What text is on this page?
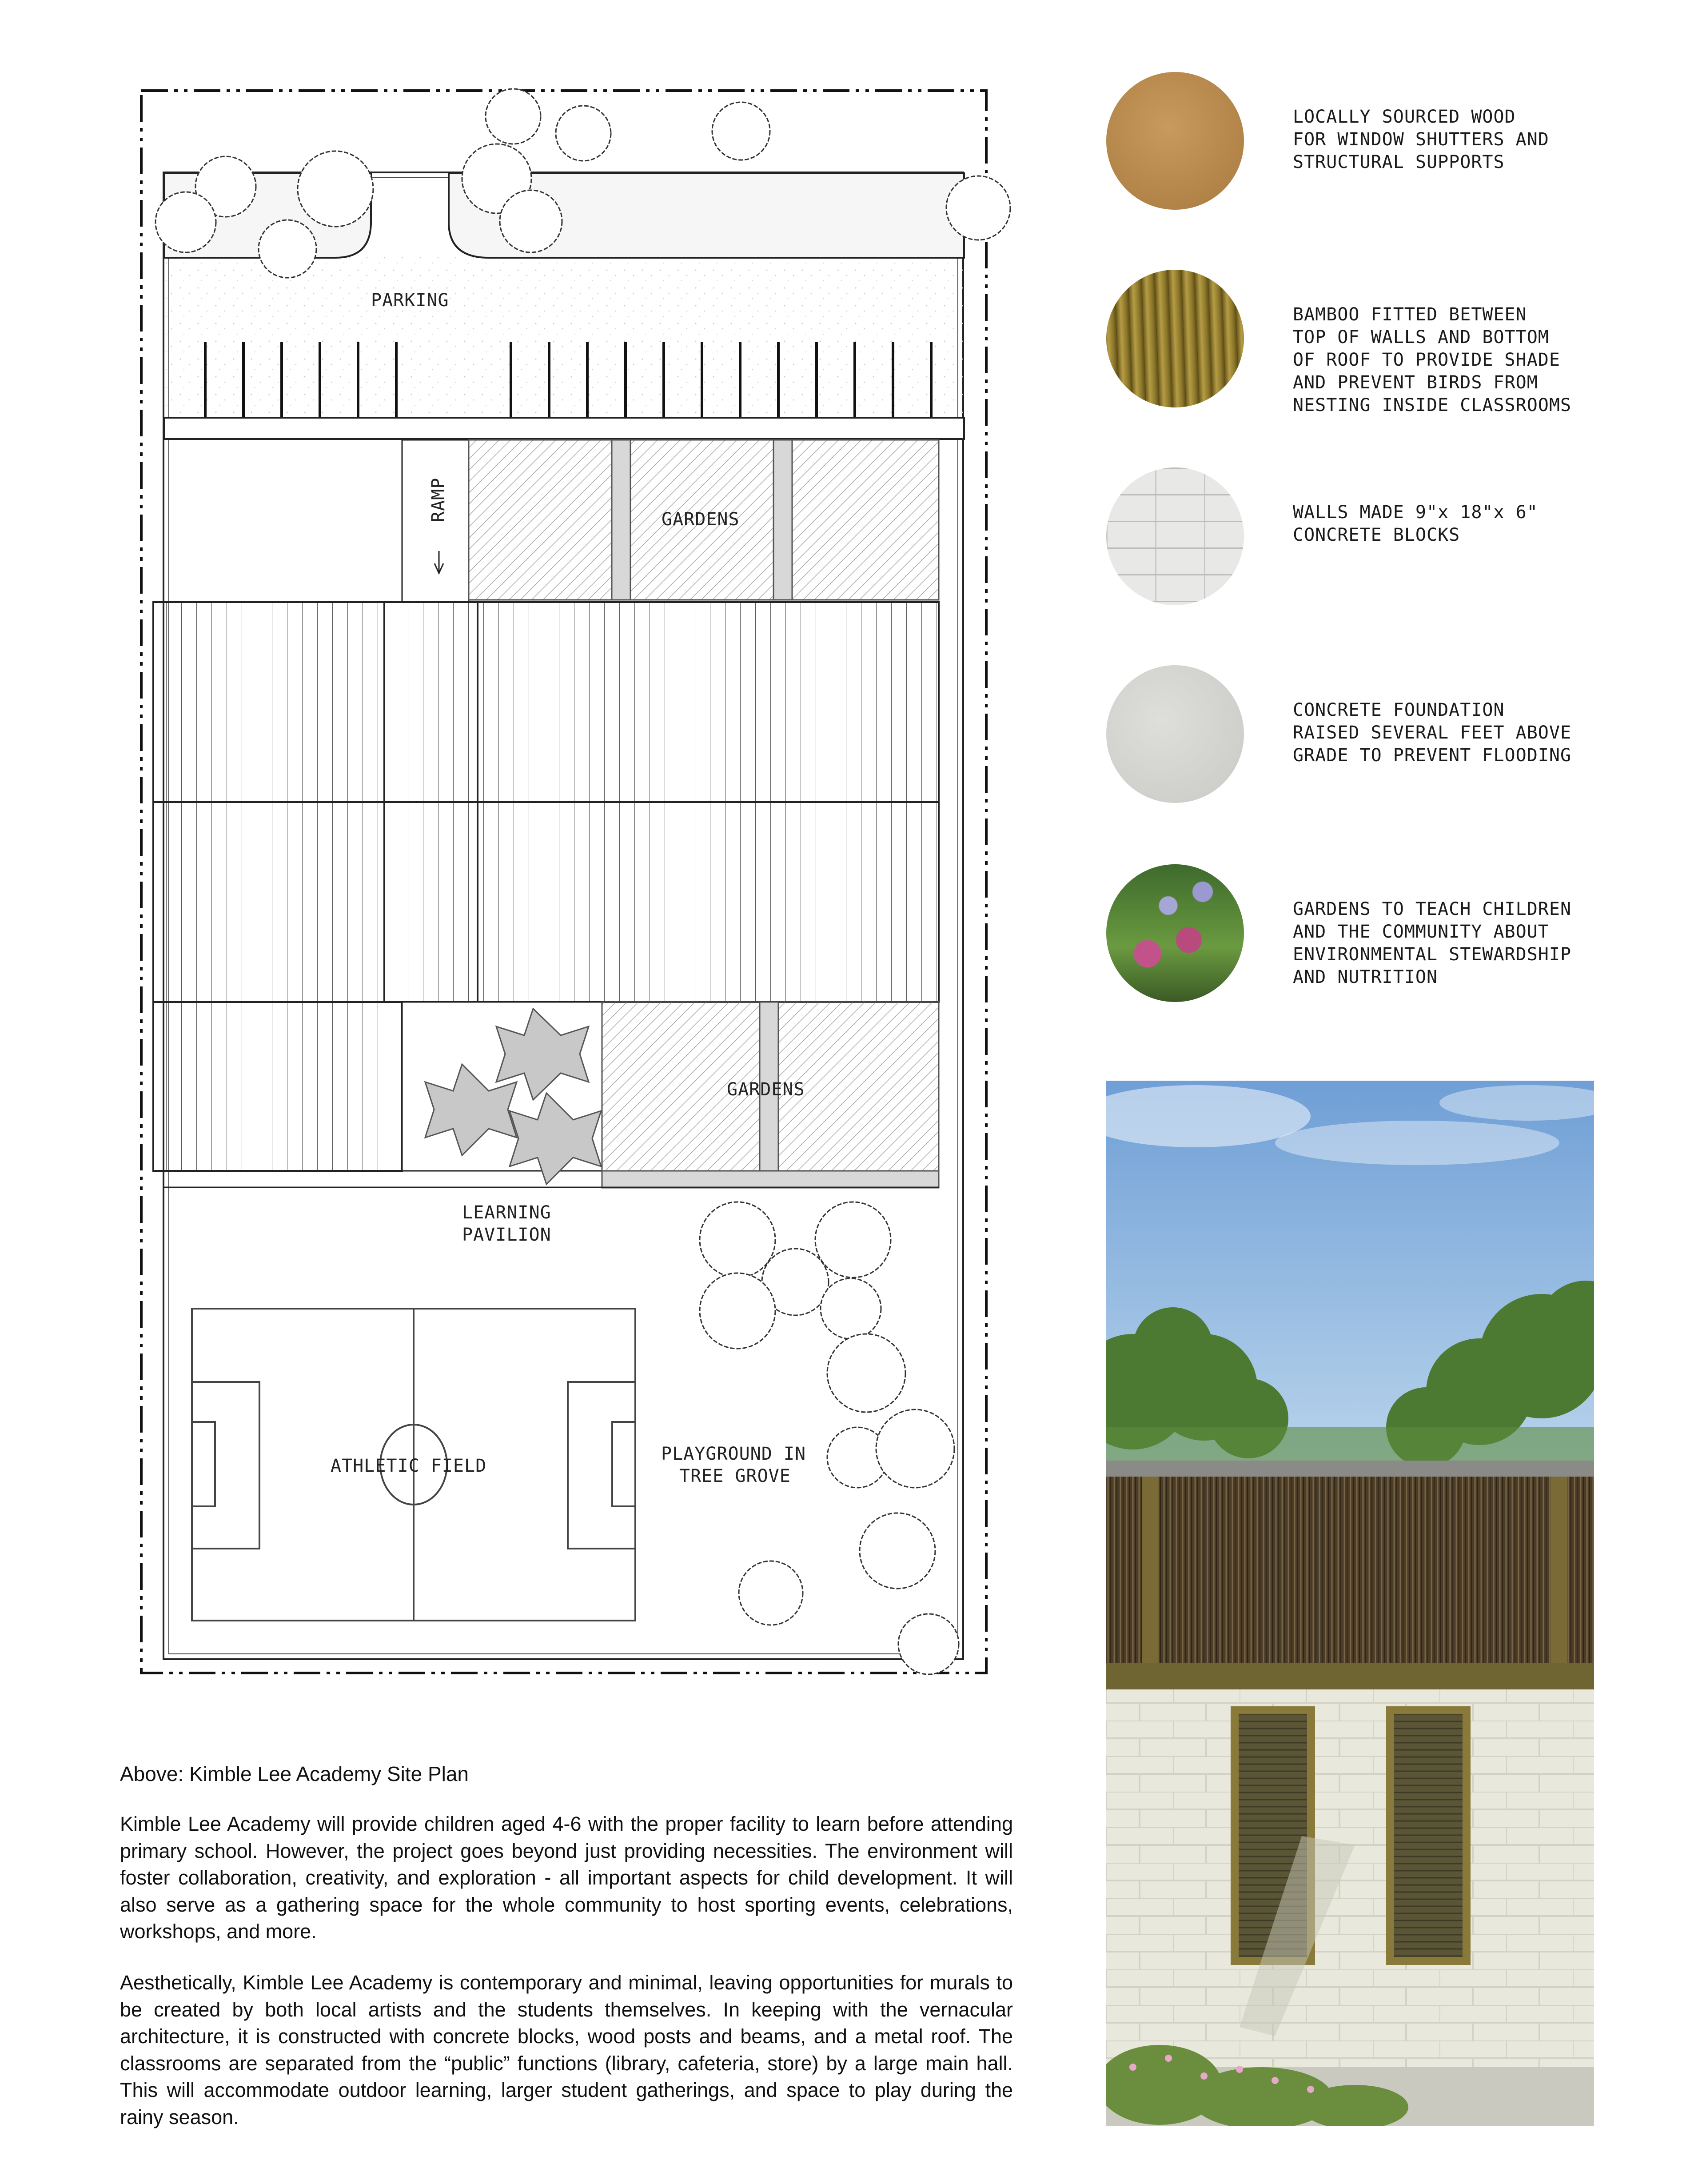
PARKING
RAMP	GARDENS
GARDENS
LEARNING
PAVILION
ATHLETIC FIELD
PLAYGROUND IN
TREE GROVE
LOCALLY SOURCED WOOD
FOR WINDOW SHUTTERS AND
STRUCTURAL SUPPORTS
BAMBOO FITTED BETWEEN
TOP OF WALLS AND BOTTOM
OF ROOF TO PROVIDE SHADE
AND PREVENT BIRDS FROM
NESTING INSIDE CLASSROOMS
WALLS MADE 9"x 18"x 6"
CONCRETE BLOCKS
CONCRETE FOUNDATION
RAISED SEVERAL FEET ABOVE
GRADE TO PREVENT FLOODING
GARDENS TO TEACH CHILDREN
AND THE COMMUNITY ABOUT
ENVIRONMENTAL STEWARDSHIP
AND NUTRITION
Above: Kimble Lee Academy Site Plan
Kimble Lee Academy will provide children aged 4-6 with the proper facility to learn before attending primary school. However, the project goes beyond just providing necessities. The environment will foster collaboration, creativity, and exploration - all important aspects for child development. It will also serve as a gathering space for the whole community to host sporting events, celebrations, workshops, and more.
Aesthetically, Kimble Lee Academy is contemporary and minimal, leaving opportunities for murals to be created by both local artists and the students themselves. In keeping with the vernacular architecture, it is constructed with concrete blocks, wood posts and beams, and a metal roof. The classrooms are separated from the “public” functions (library, cafeteria, store) by a large main hall. This will accommodate outdoor learning, larger student gatherings, and space to play during the rainy season.
